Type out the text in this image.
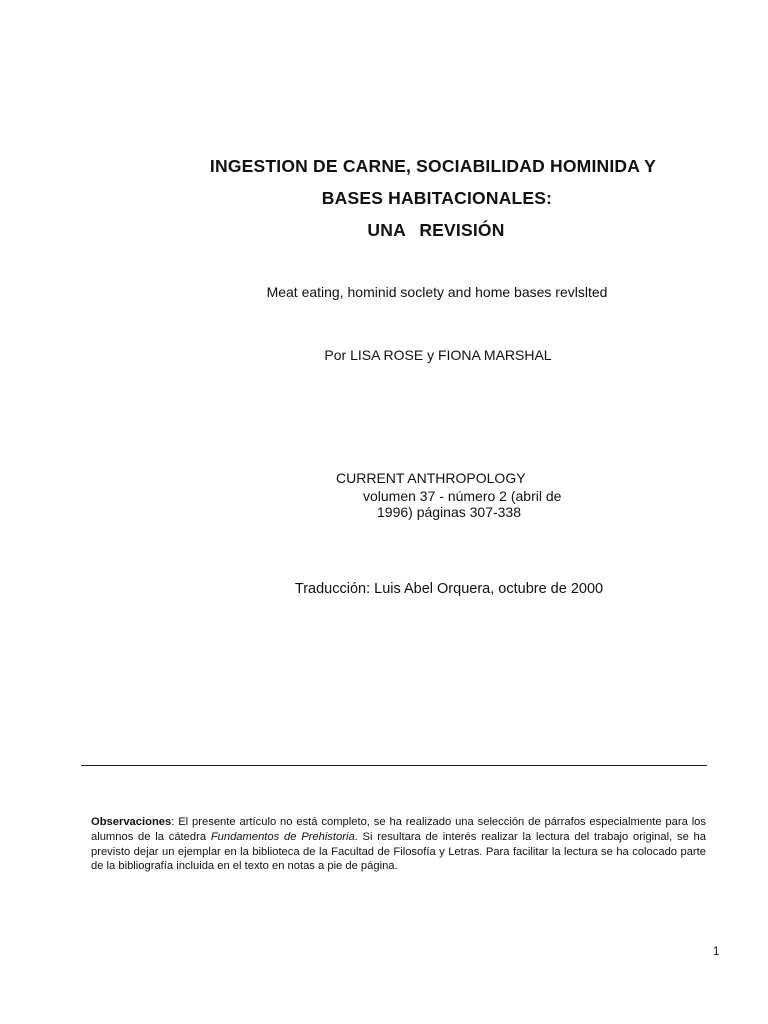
INGESTION DE CARNE, SOCIABILIDAD HOMINIDA Y
BASES HABITACIONALES:
UNA REVISIÓN
Meat eating, hominid soclety and home bases revlslted
Por LISA ROSE y FIONA MARSHAL
CURRENT ANTHROPOLOGY
volumen 37 - número 2 (abril de
1996) páginas 307-338
Traducción: Luis Abel Orquera, octubre de 2000
Observaciones: El presente artículo no está completo, se ha realizado una selección de párrafos especialmente para los alumnos de la cátedra Fundamentos de Prehistoria. Si resultara de interés realizar la lectura del trabajo original, se ha previsto dejar un ejemplar en la biblioteca de la Facultad de Filosofía y Letras. Para facilitar la lectura se ha colocado parte de la bibliografía incluida en el texto en notas a pie de página.
1
